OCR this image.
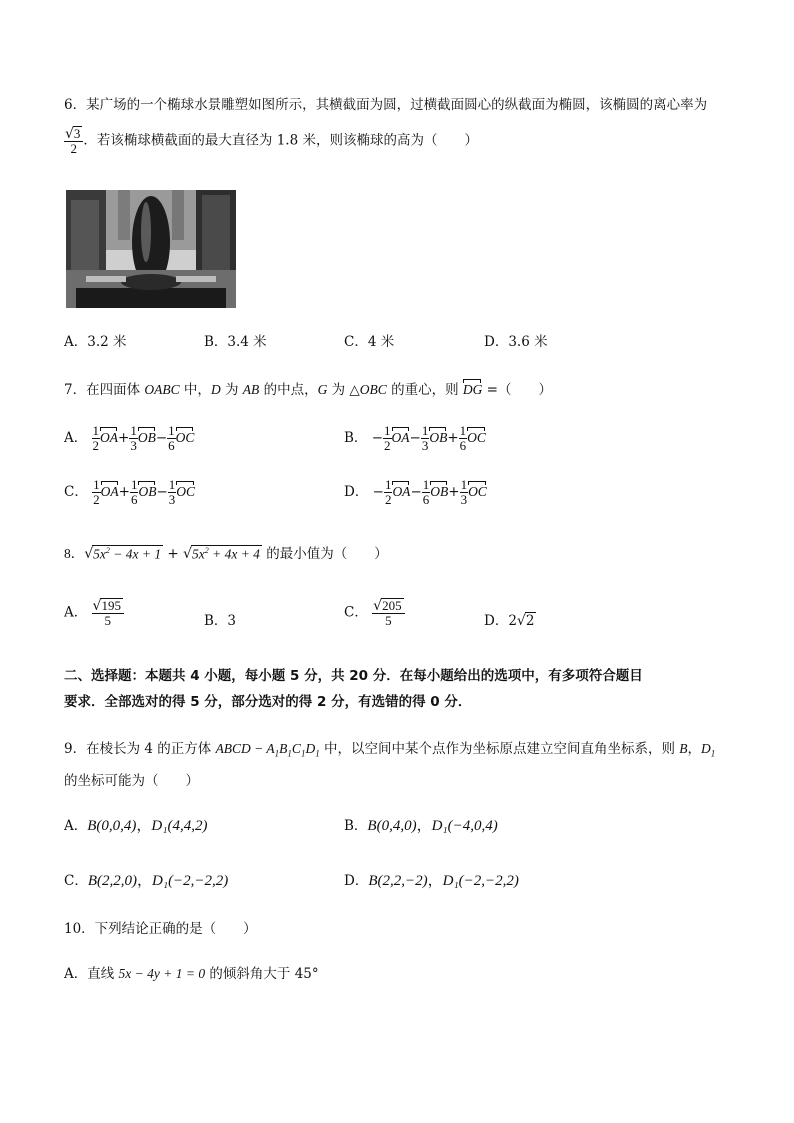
6．某广场的一个椭球水景雕塑如图所示，其横截面为圆，过横截面圆心的纵截面为椭圆，该椭圆的离心率为
$\frac{√3}{2}$ ．若该椭球横截面的最大直径为 1.8 米，则该椭球的高为（　　）
A．3.2 米	B．3.4 米	C．4 米	D．3.6 米
7．在四面体 OABC 中，D 为 AB 的中点，G 为 △OBC 的重心，则 DG =（　　）
A． $\frac{1}{2} OA+ \frac{1}{3} OB- \frac{1}{6}$ OC	B． − $\frac{1}{2} OA- \frac{1}{3} OB+ \frac{1}{6}$ OC
C． $\frac{1}{2} OA+ \frac{1}{6} OB- \frac{1}{3}$ OC	D． − $\frac{1}{2} OA- \frac{1}{6} OB+ \frac{1}{3}$ OC
8．$√5x^2 - 4x + 1 + √5x^2 + 4x + 4$ 的最小值为（　　）
A． $\frac{√195}{5}$	B．3
C． $\frac{√205}{5}$	D．2√2
二、选择题：本题共 4 小题，每小题 5 分，共 20 分．在每小题给出的选项中，有多项符合题目
要求．全部选对的得 5 分，部分选对的得 2 分，有选错的得 0 分．
9．在棱长为 4 的正方体 ABCD − $A_1B_1C_1D_1$ 中，以空间中某个点作为坐标原点建立空间直角坐标系，则 B，$D_1$
的坐标可能为（　　）
A．B(0,0,4)，D₁(4,4,2)	B．B(0,4,0)，D₁(−4,0,4)
C．B(2,2,0)，D₁(−2,−2,2)	D．B(2,2,−2)，D₁(−2,−2,2)
10．下列结论正确的是（　　）
A．直线 5x − 4y + 1 = 0 的倾斜角大于 45°
